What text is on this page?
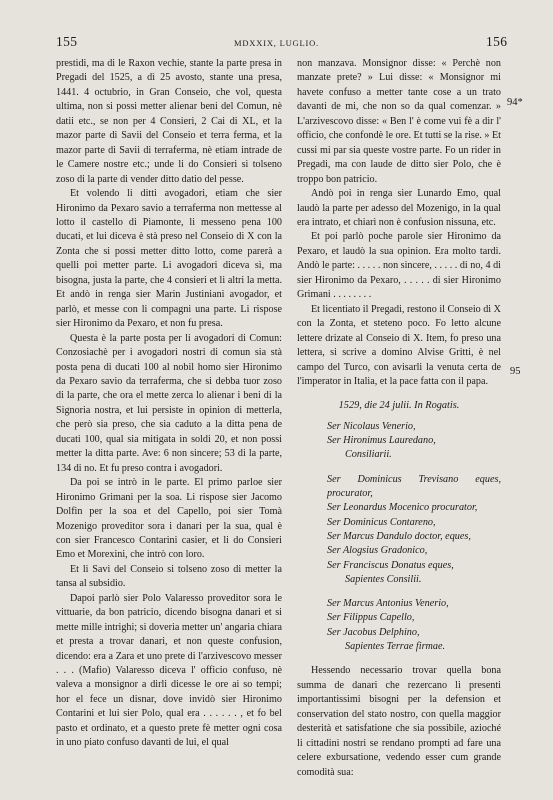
155	MDXXIX, LUGLIO.	156

prestidi, ma di le Raxon vechie, stante la parte presa in Pregadi del 1525, a dì 25 avosto, stante una presa, 1441. 4 octubrio, in Gran Conseio, che vol, questa ultima, non si possi metter alienar beni del Comun, nè datii etc., se non per 4 Consieri, 2 Cai di XL, et la mazor parte di Savii del Conseio et terra ferma, et la mazor parte di Savii di terraferma, nè etiam intrade de le Camere nostre etc.; unde li do Consieri si tolseno zoso di la parte di vender ditto datio del pesse.

Et volendo li ditti avogadori, etiam che sier Hironimo da Pexaro savio a terraferma non mettesse al lotto il castello di Piamonte, li messeno pena 100 ducati, et lui diceva è stà preso nel Conseio di X con la Zonta che si possi metter ditto lotto, come parerà a quelli poi metter parte. Li avogadori diceva sì, ma bisogna, justa la parte, che 4 consieri et li altri la metta. Et andò in renga sier Marin Justiniani avogador, et parlò, et messe con li compagni una parte. Li rispose sier Hironimo da Pexaro, et non fu presa.

Questa è la parte posta per li avogadori di Comun: Conzosiachè per i avogadori nostri di comun sia stà posta pena di ducati 100 al nobil homo sier Hironimo da Pexaro savio da terraferma, che si debba tuor zoso di la parte, che ora el mette zerca lo alienar i beni di la Signoria nostra, et lui persiste in opinion di metterla, che però sia preso, che sia caduto a la ditta pena de ducati 100, qual sia mitigata in soldi 20, et non possi metter la ditta parte. Ave: 6 non sincere; 53 di la parte, 134 di no. Et fu preso contra i avogadori.

Da poi se intrò in le parte. El primo parloe sier Hironimo Grimani per la soa. Li rispose sier Jacomo Dolfin per la soa et del Capello, poi sier Tomà Mozenigo proveditor sora i danari per la sua, qual è con sier Francesco Contarini casier, et li do Consieri Emo et Morexini, che intrò con loro.

Et li Savi del Conseio si tolseno zoso di metter la tansa al subsidio.

Dapoi parlò sier Polo Valaresso proveditor sora le vittuarie, da bon patricio, dicendo bisogna danari et si mette mille intrighi; si doveria metter un' angaria chiara et presta a trovar danari, et non queste confusion, dicendo: era a Zara et uno prete di l'arzivescovo messer . . . (Mafio) Valaresso diceva l' officio confuso, nè valeva a monsignor a dirli dicesse le ore ai so tempi; hor el fece un disnar, dove invidò sier Hironimo Contarini et lui sier Polo, qual era . . . . . . , et fo bel pasto et ordinato, et a questo prete fè metter ogni cosa in uno piato confuso davanti de lui, el qual

non manzava. Monsignor disse: « Perchè non manzate prete? » Lui disse: « Monsignor mi havete confuso a metter tante cose a un trato davanti de mi, che non so da qual comenzar. » L'arzivescovo disse: « Ben l' è come vui fè a dir l' officio, che confondè le ore. Et tutti se la rise. » Et cussi mi par sia queste vostre parte. Fo un rider in Pregadi, ma con laude de ditto sier Polo, che è troppo bon patricio.

Andò poi in renga sier Lunardo Emo, qual laudò la parte per adesso del Mozenigo, in la qual era intrato, et chiarì non è confusion nissuna, etc.

Et poi parlò poche parole sier Hironimo da Pexaro, et laudò la sua opinion. Era molto tardi. Andò le parte: . . . . . non sincere, . . . . . di no, 4 di sier Hironimo da Pexaro, . . . . . di sier Hironimo Grimani . . . . . . . .

Et licentiato il Pregadi, restono il Conseio di X con la Zonta, et steteno poco. Fo letto alcune lettere drizate al Conseio di X. Item, fo preso una lettera, si scrive a domino Alvise Gritti, è nel campo del Turco, con avisarli la venuta certa de l'imperator in Italia, et la pace fatta con il papa.

1529, die 24 julii. In Rogatis.

Ser Nicolaus Venerio,
Ser Hironimus Lauredano,
Consiliarii.
Ser Dominicus Trevisano eques, procurator,
Ser Leonardus Mocenico procurator,
Ser Dominicus Contareno,
Ser Marcus Dandulo doctor, eques,
Ser Alogsius Gradonico,
Ser Franciscus Donatus eques,
Sapientes Consilii.
Ser Marcus Antonius Venerio,
Ser Filippus Capello,
Ser Jacobus Delphino,
Sapientes Terrae firmae.

Hessendo necessario trovar quella bona summa de danari che rezercano li presenti importantissimi bisogni per la defension et conservation del stato nostro, con quella maggior desterità et satisfatione che sia possibile, azioché li cittadini nostri se rendano prompti ad fare una celere exbursatione, vedendo esser cum grande comodità sua:

94*
95
